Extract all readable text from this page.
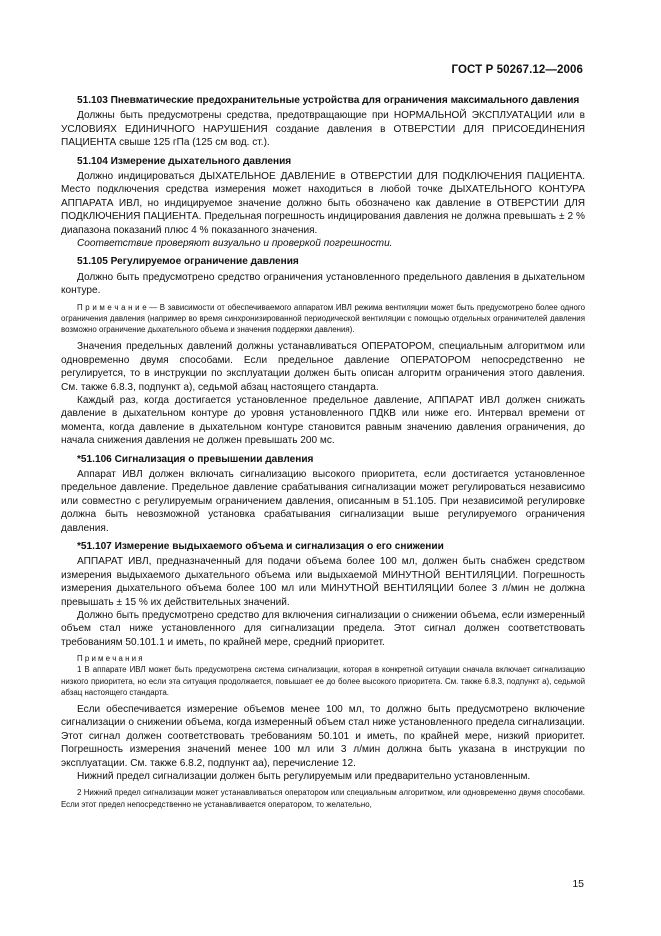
ГОСТ Р 50267.12—2006

51.103 Пневматические предохранительные устройства для ограничения максимального давления

Должны быть предусмотрены средства, предотвращающие при НОРМАЛЬНОЙ ЭКСПЛУАТАЦИИ или в УСЛОВИЯХ ЕДИНИЧНОГО НАРУШЕНИЯ создание давления в ОТВЕРСТИИ ДЛЯ ПРИСОЕДИНЕНИЯ ПАЦИЕНТА свыше 125 гПа (125 см вод. ст.).

51.104 Измерение дыхательного давления

Должно индицироваться ДЫХАТЕЛЬНОЕ ДАВЛЕНИЕ в ОТВЕРСТИИ ДЛЯ ПОДКЛЮЧЕНИЯ ПАЦИЕНТА. Место подключения средства измерения может находиться в любой точке ДЫХАТЕЛЬНОГО КОНТУРА АППАРАТА ИВЛ, но индицируемое значение должно быть обозначено как давление в ОТВЕРСТИИ ДЛЯ ПОДКЛЮЧЕНИЯ ПАЦИЕНТА. Предельная погрешность индицирования давления не должна превышать ± 2 % диапазона показаний плюс 4 % показанного значения.

Соответствие проверяют визуально и проверкой погрешности.

51.105 Регулируемое ограничение давления

Должно быть предусмотрено средство ограничения установленного предельного давления в дыхательном контуре.

П р и м е ч а н и е — В зависимости от обеспечиваемого аппаратом ИВЛ режима вентиляции может быть предусмотрено более одного ограничения давления (например во время синхронизированной периодической вентиляции с помощью отдельных ограничителей давления возможно ограничение дыхательного объема и значения поддержки давления).

Значения предельных давлений должны устанавливаться ОПЕРАТОРОМ, специальным алгоритмом или одновременно двумя способами. Если предельное давление ОПЕРАТОРОМ непосредственно не регулируется, то в инструкции по эксплуатации должен быть описан алгоритм ограничения этого давления. См. также 6.8.3, подпункт а), седьмой абзац настоящего стандарта.

Каждый раз, когда достигается установленное предельное давление, АППАРАТ ИВЛ должен снижать давление в дыхательном контуре до уровня установленного ПДКВ или ниже его. Интервал времени от момента, когда давление в дыхательном контуре становится равным значению давления ограничения, до начала снижения давления не должен превышать 200 мс.

*51.106 Сигнализация о превышении давления

Аппарат ИВЛ должен включать сигнализацию высокого приоритета, если достигается установленное предельное давление. Предельное давление срабатывания сигнализации может регулироваться независимо или совместно с регулируемым ограничением давления, описанным в 51.105. При независимой регулировке должна быть невозможной установка срабатывания сигнализации выше регулируемого ограничения давления.

*51.107 Измерение выдыхаемого объема и сигнализация о его снижении

АППАРАТ ИВЛ, предназначенный для подачи объема более 100 мл, должен быть снабжен средством измерения выдыхаемого дыхательного объема или выдыхаемой МИНУТНОЙ ВЕНТИЛЯЦИИ. Погрешность измерения дыхательного объема более 100 мл или МИНУТНОЙ ВЕНТИЛЯЦИИ более 3 л/мин не должна превышать ± 15 % их действительных значений.

Должно быть предусмотрено средство для включения сигнализации о снижении объема, если измеренный объем стал ниже установленного для сигнализации предела. Этот сигнал должен соответствовать требованиям 50.101.1 и иметь, по крайней мере, средний приоритет.

П р и м е ч а н и я

1 В аппарате ИВЛ может быть предусмотрена система сигнализации, которая в конкретной ситуации сначала включает сигнализацию низкого приоритета, но если эта ситуация продолжается, повышает ее до более высокого приоритета. См. также 6.8.3, подпункт а), седьмой абзац настоящего стандарта.

Если обеспечивается измерение объемов менее 100 мл, то должно быть предусмотрено включение сигнализации о снижении объема, когда измеренный объем стал ниже установленного предела сигнализации. Этот сигнал должен соответствовать требованиям 50.101 и иметь, по крайней мере, низкий приоритет. Погрешность измерения значений менее 100 мл или 3 л/мин должна быть указана в инструкции по эксплуатации. См. также 6.8.2, подпункт аа), перечисление 12.

Нижний предел сигнализации должен быть регулируемым или предварительно установленным.

2 Нижний предел сигнализации может устанавливаться оператором или специальным алгоритмом, или одновременно двумя способами. Если этот предел непосредственно не устанавливается оператором, то желательно,

15
